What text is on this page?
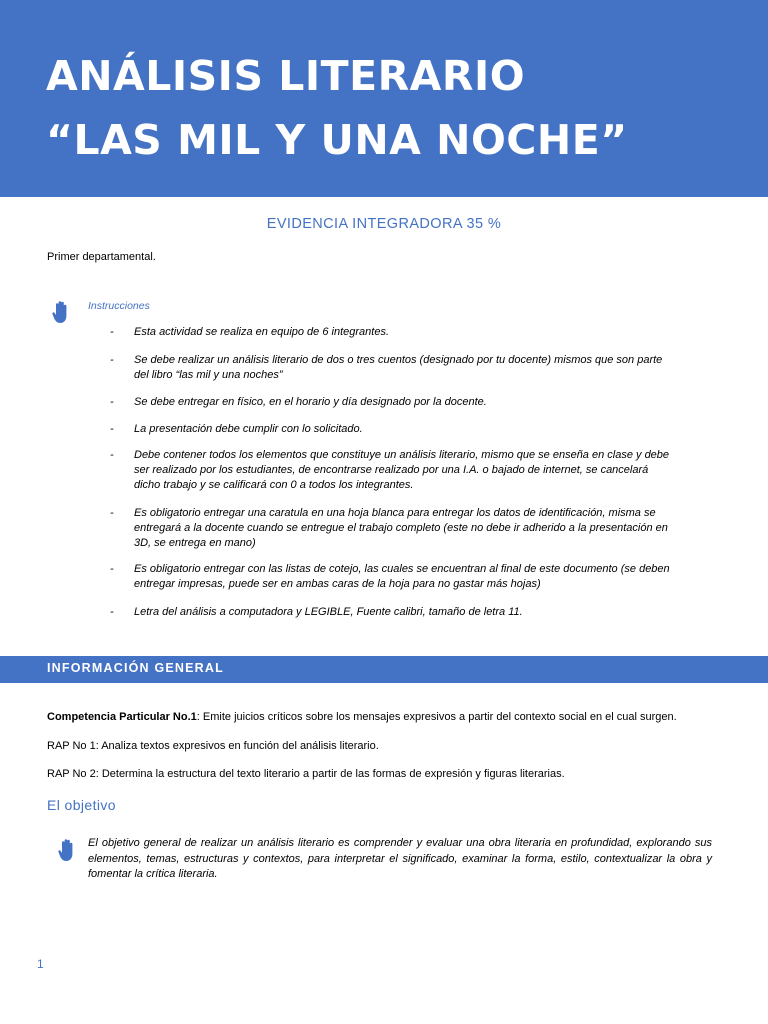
ANÁLISIS LITERARIO
“LAS MIL Y UNA NOCHE”
EVIDENCIA INTEGRADORA 35 %
Primer departamental.
Instrucciones
- Esta actividad se realiza en equipo de 6 integrantes.
- Se debe realizar un análisis literario de dos o tres cuentos (designado por tu docente) mismos que son parte del libro “las mil y una noches”
- Se debe entregar en físico, en el horario y día designado por la docente.
- La presentación debe cumplir con lo solicitado.
- Debe contener todos los elementos que constituye un análisis literario, mismo que se enseña en clase y debe ser realizado por los estudiantes, de encontrarse realizado por una I.A. o bajado de internet, se cancelará dicho trabajo y se calificará con 0 a todos los integrantes.
- Es obligatorio entregar una caratula en una hoja blanca para entregar los datos de identificación, misma se entregará a la docente cuando se entregue el trabajo completo (este no debe ir adherido a la presentación en 3D, se entrega en mano)
- Es obligatorio entregar con las listas de cotejo, las cuales se encuentran al final de este documento (se deben entregar impresas, puede ser en ambas caras de la hoja para no gastar más hojas)
- Letra del análisis a computadora y LEGIBLE, Fuente calibri, tamaño de letra 11.
INFORMACIÓN GENERAL
Competencia Particular No.1: Emite juicios críticos sobre los mensajes expresivos a partir del contexto social en el cual surgen.
RAP No 1: Analiza textos expresivos en función del análisis literario.
RAP No 2: Determina la estructura del texto literario a partir de las formas de expresión y figuras literarias.
El objetivo
El objetivo general de realizar un análisis literario es comprender y evaluar una obra literaria en profundidad, explorando sus elementos, temas, estructuras y contextos, para interpretar el significado, examinar la forma, estilo, contextualizar la obra y fomentar la crítica literaria.
1
